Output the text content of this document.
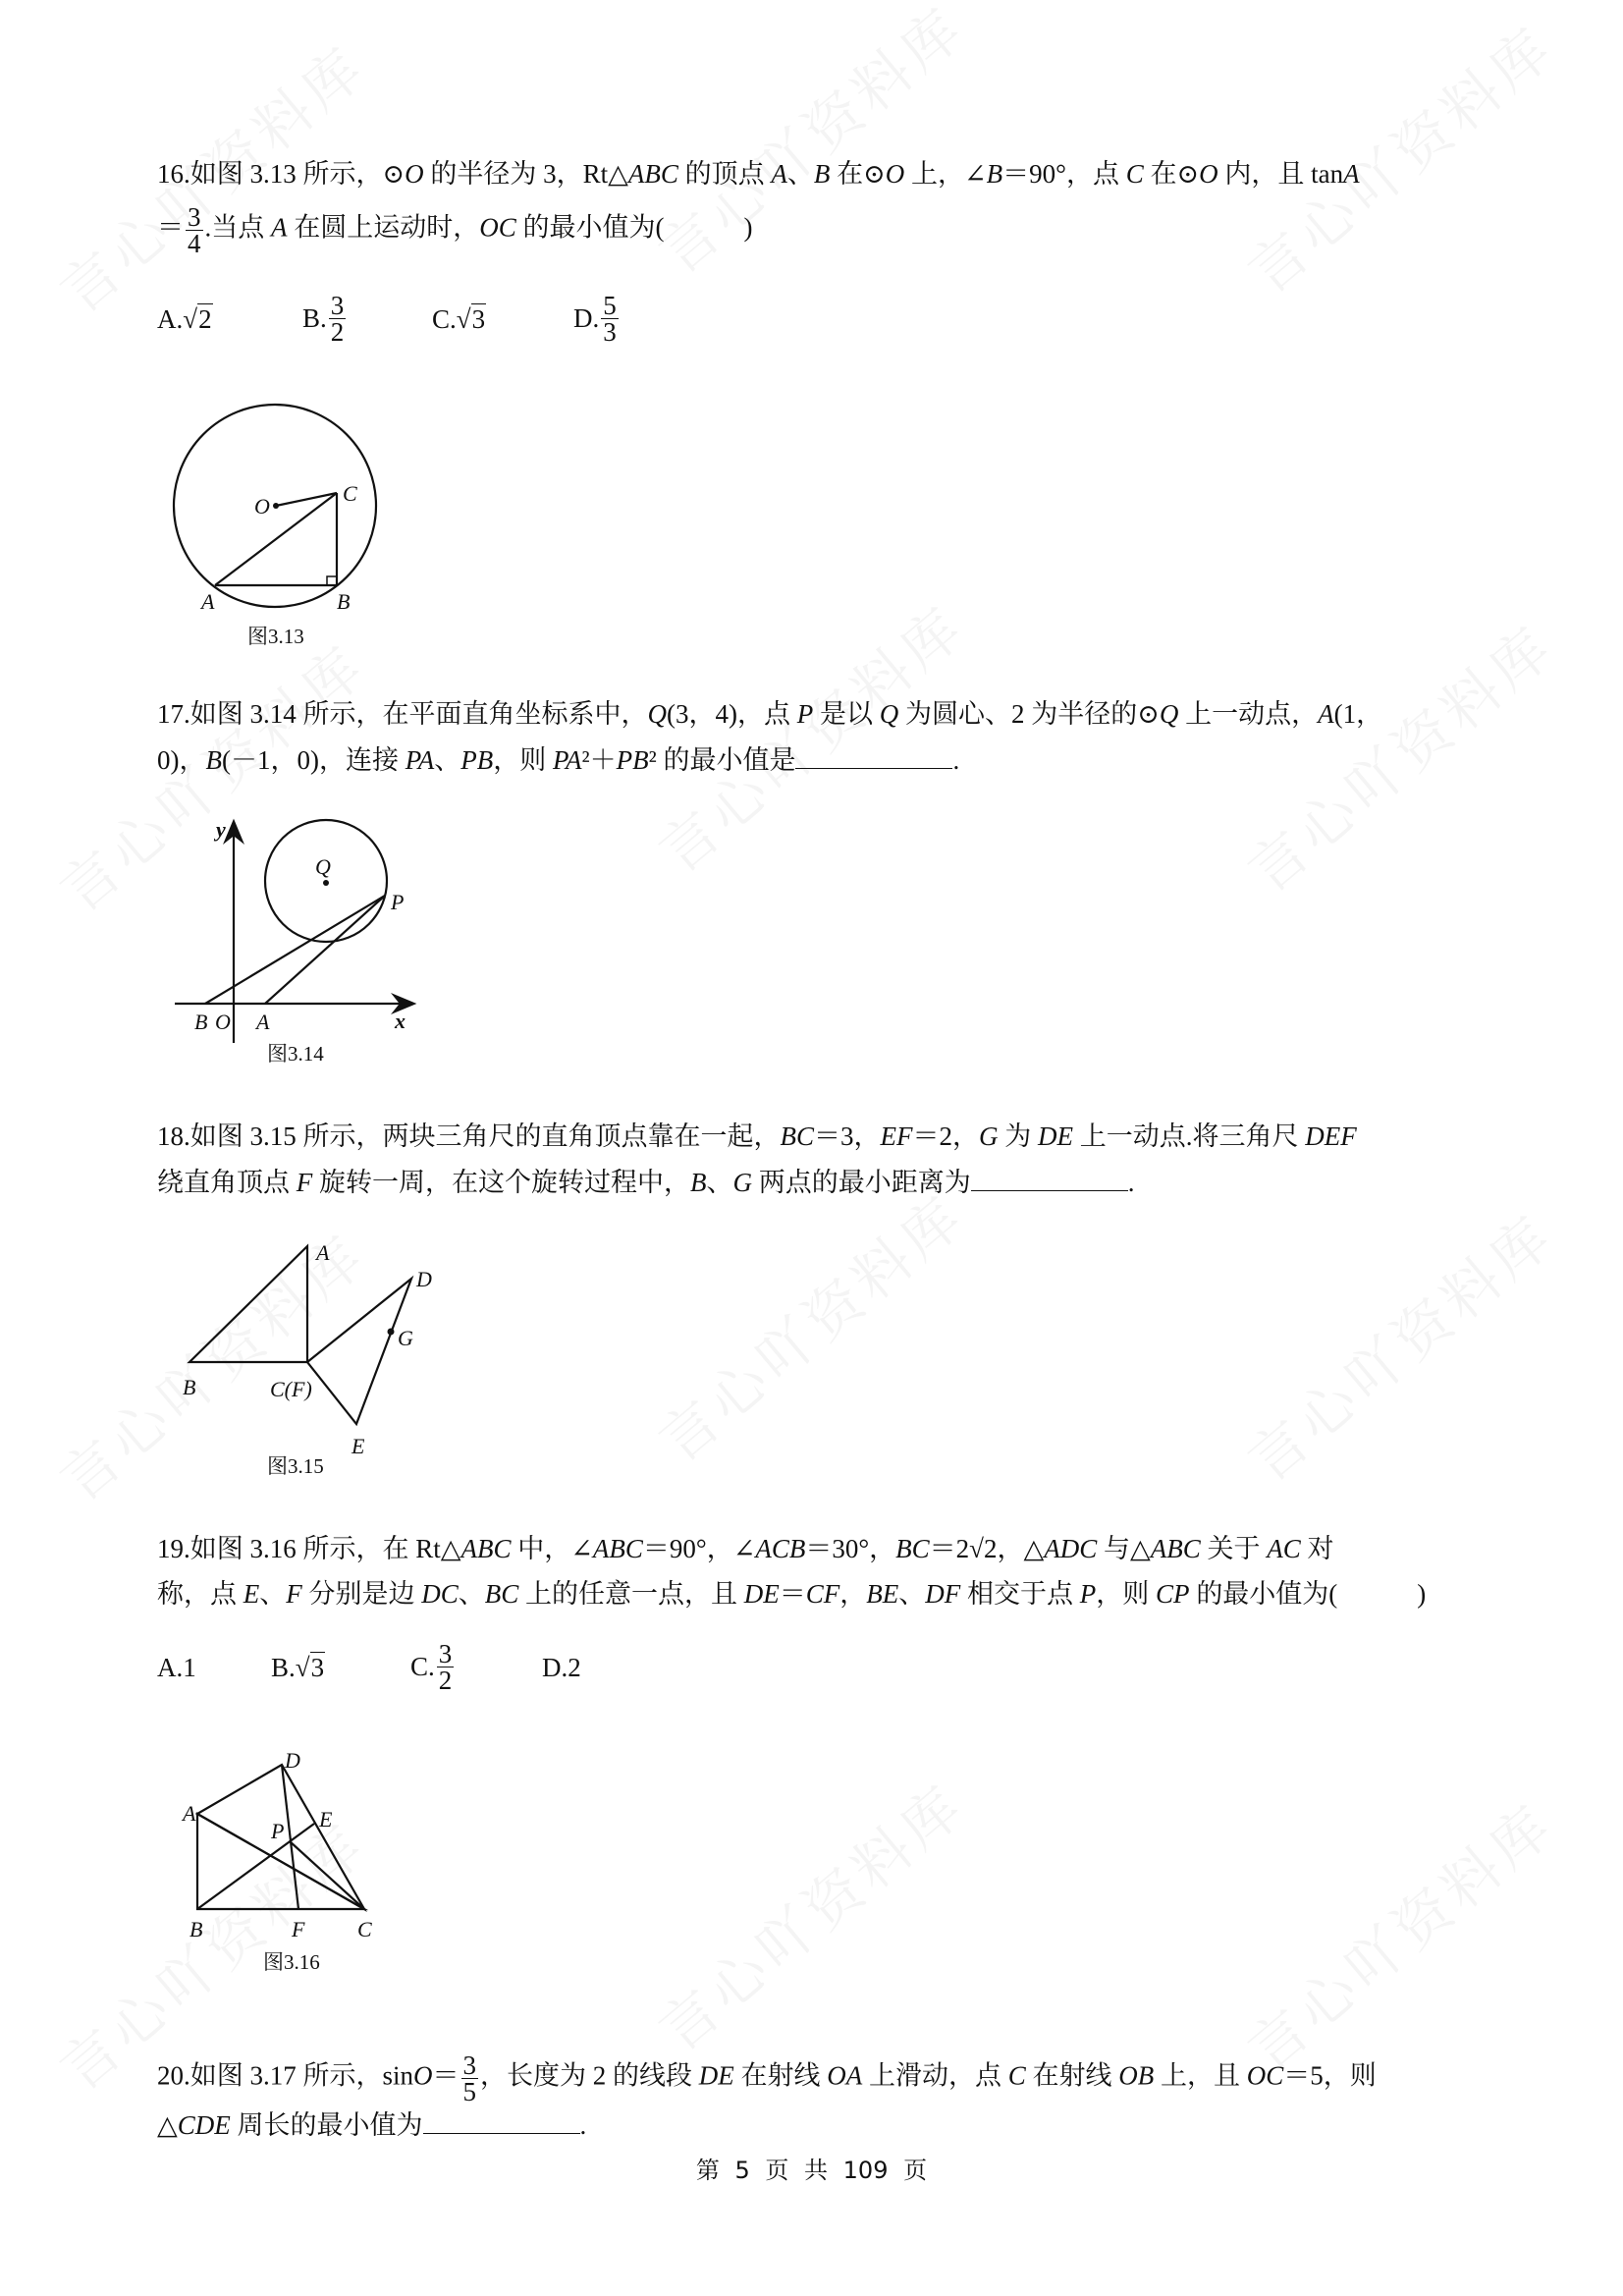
16.如图 3.13 所示，⊙O 的半径为 3，Rt△ABC 的顶点 A、B 在⊙O 上，∠B＝90°，点 C 在⊙O 内，且 tanA
＝ $\frac{3}{4}$ .当点 A 在圆上运动时，OC 的最小值为(　　　)
A. √2	B. $\frac{3}{2}$	C. √3	D. $\frac{5}{3}$
O
C
A	B
图3.13
17.如图 3.14 所示，在平面直角坐标系中，Q(3，4)，点 P 是以 Q 为圆心、2 为半径的⊙Q 上一动点，A(1，
0)，B(－1，0)，连接 PA、PB，则 PA²＋PB² 的最小值是	.
y
x
Q
P
B O A
图3.14
18.如图 3.15 所示，两块三角尺的直角顶点靠在一起，BC＝3，EF＝2，G 为 DE 上一动点.将三角尺 DEF
绕直角顶点 F 旋转一周，在这个旋转过程中，B、G 两点的最小距离为	.
A
B	C(F)
D
G
E
图3.15
19.如图 3.16 所示，在 Rt△ABC 中，∠ABC＝90°，∠ACB＝30°，BC＝2√2，△ADC 与△ABC 关于 AC 对
称，点 E、F 分别是边 DC、BC 上的任意一点，且 DE＝CF，BE、DF 相交于点 P，则 CP 的最小值为(　　　)
A. 1	B. √3	C. $\frac{3}{2}$	D. 2
D
A	E
P
B	F C
图3.16
20.如图 3.17 所示，$\sin O= \frac{3}{5}$ ，长度为 2 的线段 DE 在射线 OA 上滑动，点 C 在射线 OB 上，且 OC＝5，则
△CDE 周长的最小值为	.
第 5 页 共 109 页
